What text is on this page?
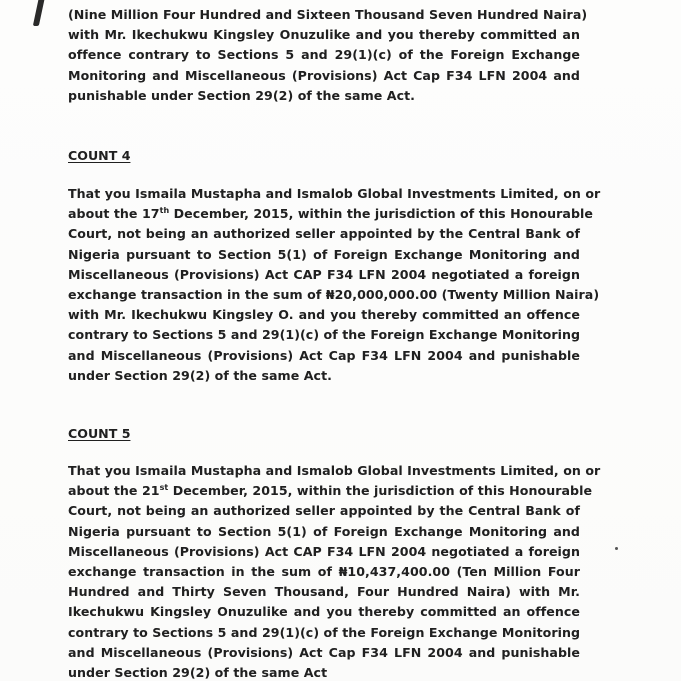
(Nine Million Four Hundred and Sixteen Thousand Seven Hundred Naira)
with Mr. Ikechukwu Kingsley Onuzulike and you thereby committed an
offence contrary to Sections 5 and 29(1)(c) of the Foreign Exchange
Monitoring and Miscellaneous (Provisions) Act Cap F34 LFN 2004 and
punishable under Section 29(2) of the same Act.
COUNT 4
That you Ismaila Mustapha and Ismalob Global Investments Limited, on or
about the 17th December, 2015, within the jurisdiction of this Honourable
Court, not being an authorized seller appointed by the Central Bank of
Nigeria pursuant to Section 5(1) of Foreign Exchange Monitoring and
Miscellaneous (Provisions) Act CAP F34 LFN 2004 negotiated a foreign
exchange transaction in the sum of ₦20,000,000.00 (Twenty Million Naira)
with Mr. Ikechukwu Kingsley O. and you thereby committed an offence
contrary to Sections 5 and 29(1)(c) of the Foreign Exchange Monitoring
and Miscellaneous (Provisions) Act Cap F34 LFN 2004 and punishable
under Section 29(2) of the same Act.
COUNT 5
That you Ismaila Mustapha and Ismalob Global Investments Limited, on or
about the 21st December, 2015, within the jurisdiction of this Honourable
Court, not being an authorized seller appointed by the Central Bank of
Nigeria pursuant to Section 5(1) of Foreign Exchange Monitoring and
Miscellaneous (Provisions) Act CAP F34 LFN 2004 negotiated a foreign
exchange transaction in the sum of ₦10,437,400.00 (Ten Million Four
Hundred and Thirty Seven Thousand, Four Hundred Naira) with Mr.
Ikechukwu Kingsley Onuzulike and you thereby committed an offence
contrary to Sections 5 and 29(1)(c) of the Foreign Exchange Monitoring
and Miscellaneous (Provisions) Act Cap F34 LFN 2004 and punishable
under Section 29(2) of the same Act
